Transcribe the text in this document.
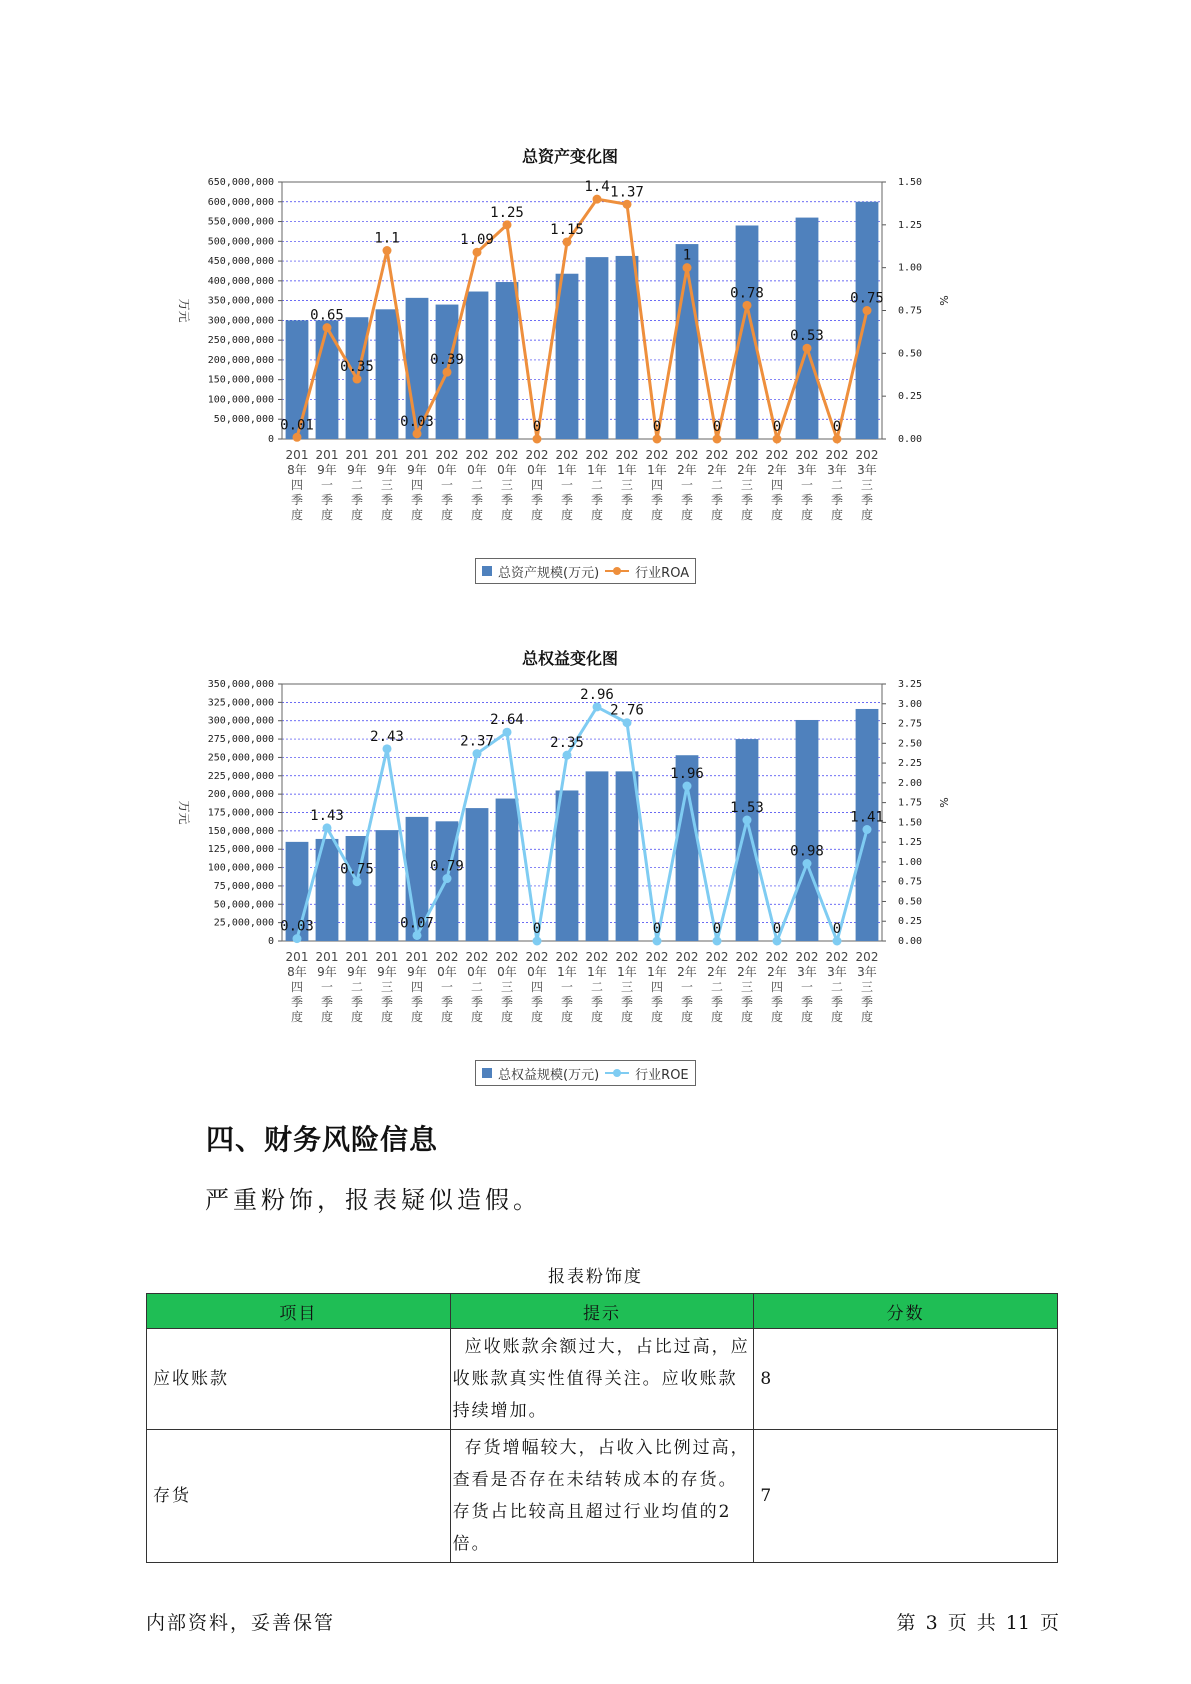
总资产变化图
0
50,000,000
100,000,000
150,000,000
200,000,000
250,000,000
300,000,000
350,000,000
400,000,000
450,000,000
500,000,000
550,000,000
600,000,000
650,000,000
0.00
0.25
0.50
0.75
1.00
1.25
1.50
万元	%
0.01
0.65
0.35
1.1
0.03
0.39
1.09
1.25
0
1.15
1.4 1.37
0
1
0
0.78
0
0.53
0
0.75
201 8年四季度
201 9年一季度
201 9年二季度
201 9年三季度
201 9年四季度
202 0年一季度
202 0年二季度
202 0年三季度
202 0年四季度
202 1年一季度
202 1年二季度
202 1年三季度
202 1年四季度
202 2年一季度
202 2年二季度
202 2年三季度
202 2年四季度
202 3年一季度
202 3年二季度
202 3年三季度
总资产规模(万元)	行业ROA
总权益变化图
0
25,000,000
50,000,000
75,000,000
100,000,000
125,000,000
150,000,000
175,000,000
200,000,000
225,000,000
250,000,000
275,000,000
300,000,000
325,000,000
350,000,000
0.00
0.25
0.50
0.75
1.00
1.25
1.50
1.75
2.00
2.25
2.50
2.75
3.00
3.25
万元	%
0.03
1.43
0.75
2.43
0.07
0.79
2.37
2.64
0
2.35
2.96
2.76
0
1.96
0
1.53
0
0.98
0
1.41
201 8年四季度
201 9年一季度
201 9年二季度
201 9年三季度
201 9年四季度
202 0年一季度
202 0年二季度
202 0年三季度
202 0年四季度
202 1年一季度
202 1年二季度
202 1年三季度
202 1年四季度
202 2年一季度
202 2年二季度
202 2年三季度
202 2年四季度
202 3年一季度
202 3年二季度
202 3年三季度
总权益规模(万元)	行业ROE
四、财务风险信息
严重粉饰，报表疑似造假。
报表粉饰度
项目	提示	分数
应收账款	应收账款余额过大，占比过高，应收账款真实性值得关注。应收账款持续增加。	8
存货	存货增幅较大，占收入比例过高，查看是否存在未结转成本的存货。存货占比较高且超过行业均值的2倍。	7
内部资料，妥善保管	第 3 页 共 11 页
